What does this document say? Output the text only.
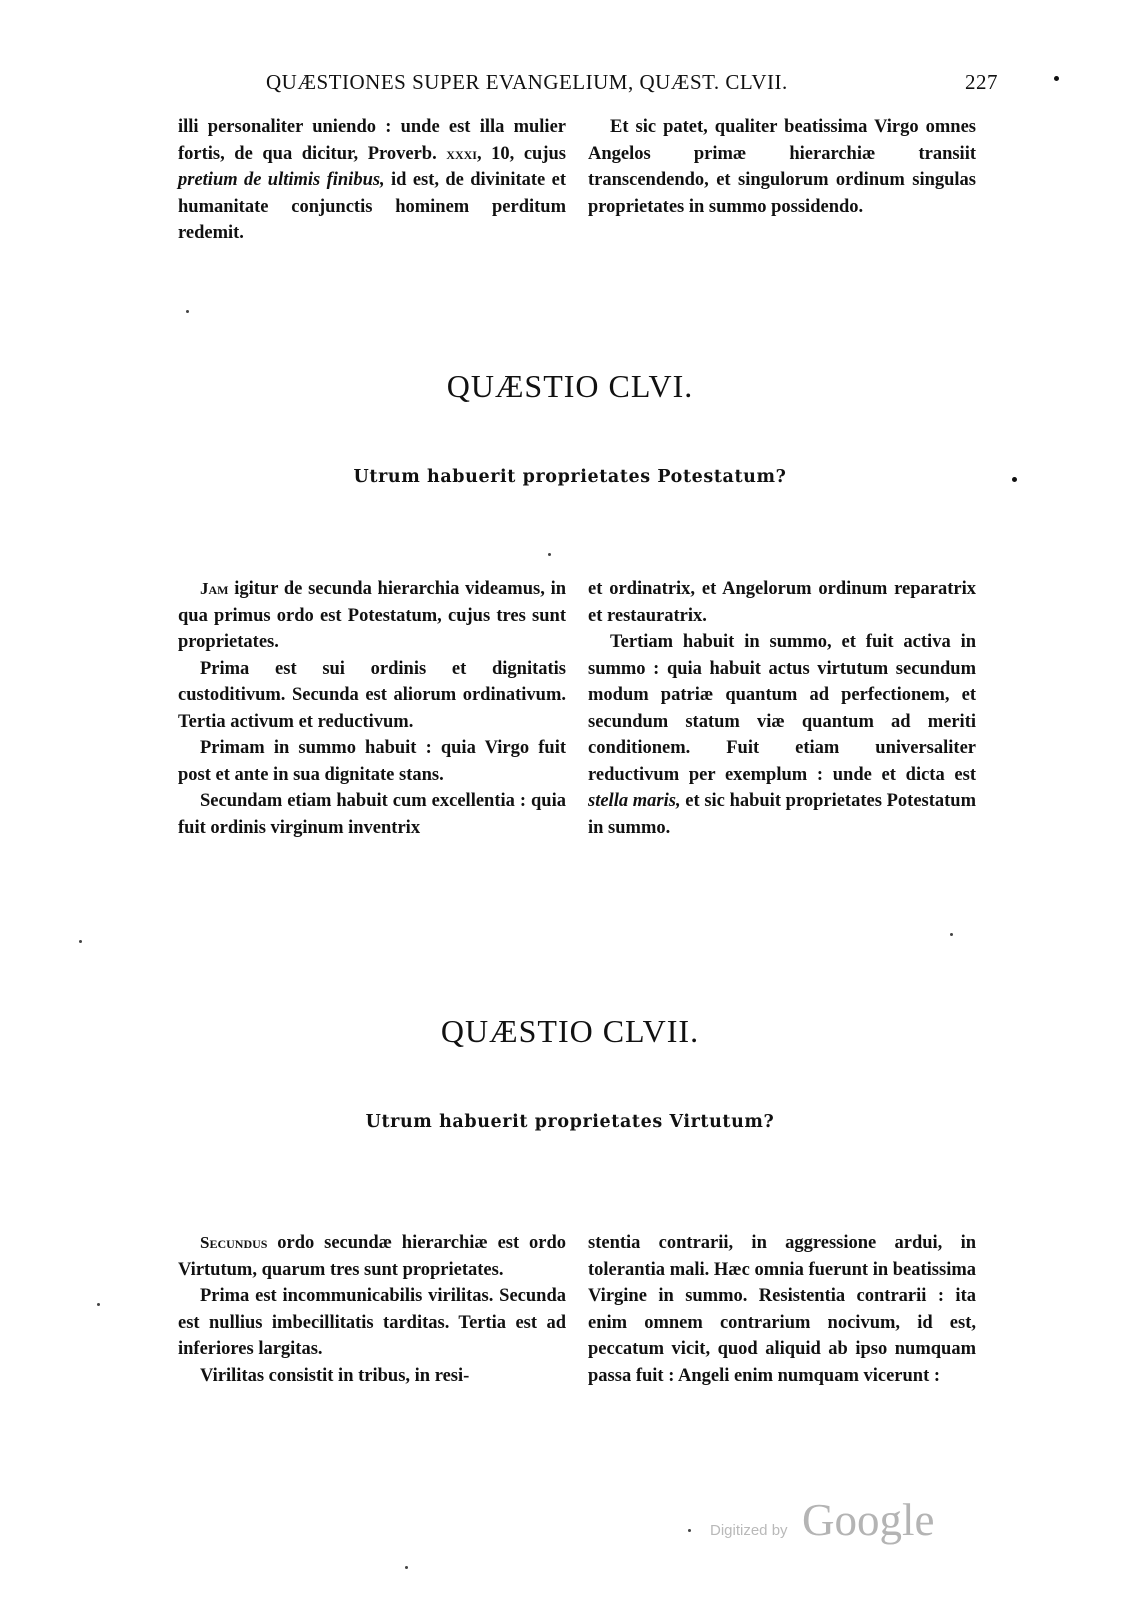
QUÆSTIONES SUPER EVANGELIUM, QUÆST. CLVII.	227

illi personaliter uniendo : unde est illa mulier fortis, de qua dicitur, Proverb. xxxi, 10, cujus pretium de ultimis finibus, id est, de divinitate et humanitate conjunctis hominem perditum redemit.

Et sic patet, qualiter beatissima Virgo omnes Angelos primæ hierarchiæ transiit transcendendo, et singulorum ordinum singulas proprietates in summo possidendo.

QUÆSTIO CLVI.
Utrum habuerit proprietates Potestatum?

Jam igitur de secunda hierarchia videamus, in qua primus ordo est Potestatum, cujus tres sunt proprietates.

Prima est sui ordinis et dignitatis custoditivum. Secunda est aliorum ordinativum. Tertia activum et reductivum.

Primam in summo habuit : quia Virgo fuit post et ante in sua dignitate stans.

Secundam etiam habuit cum excellentia : quia fuit ordinis virginum inventrix

et ordinatrix, et Angelorum ordinum reparatrix et restauratrix.

Tertiam habuit in summo, et fuit activa in summo : quia habuit actus virtutum secundum modum patriæ quantum ad perfectionem, et secundum statum viæ quantum ad meriti conditionem. Fuit etiam universaliter reductivum per exemplum : unde et dicta est stella maris, et sic habuit proprietates Potestatum in summo.

QUÆSTIO CLVII.
Utrum habuerit proprietates Virtutum?

Secundus ordo secundæ hierarchiæ est ordo Virtutum, quarum tres sunt proprietates.

Prima est incommunicabilis virilitas. Secunda est nullius imbecillitatis tarditas. Tertia est ad inferiores largitas.

Virilitas consistit in tribus, in resi-

stentia contrarii, in aggressione ardui, in tolerantia mali. Hæc omnia fuerunt in beatissima Virgine in summo. Resistentia contrarii : ita enim omnem contrarium nocivum, id est, peccatum vicit, quod aliquid ab ipso numquam passa fuit : Angeli enim numquam vicerunt :

Digitized by Google
